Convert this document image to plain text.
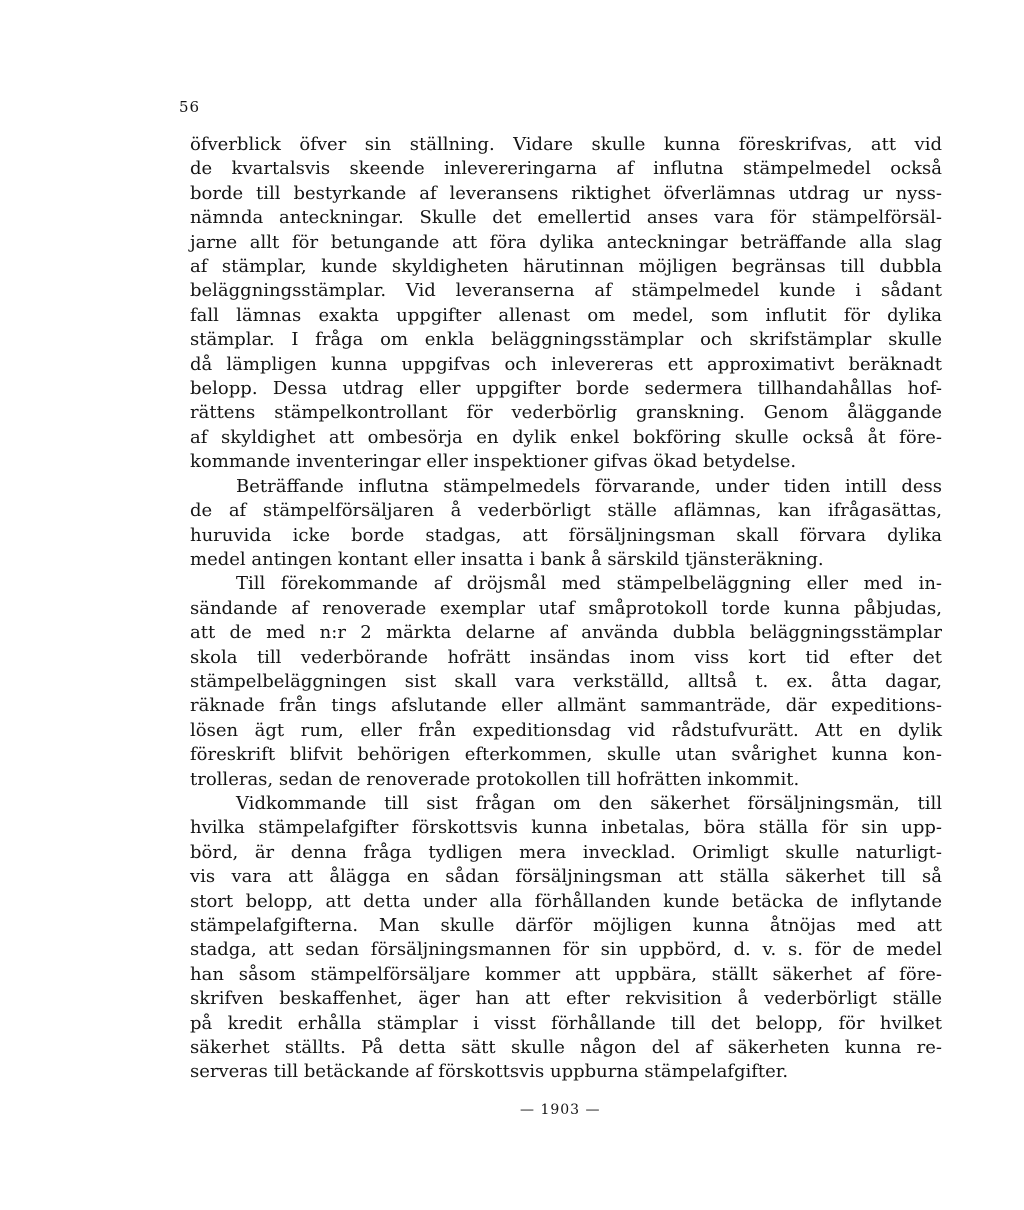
56
öfverblick öfver sin ställning. Vidare skulle kunna föreskrifvas, att vid
de kvartalsvis skeende inlevereringarna af influtna stämpelmedel också
borde till bestyrkande af leveransens riktighet öfverlämnas utdrag ur nyss-
nämnda anteckningar. Skulle det emellertid anses vara för stämpelförsäl-
jarne allt för betungande att föra dylika anteckningar beträffande alla slag
af stämplar, kunde skyldigheten härutinnan möjligen begränsas till dubbla
beläggningsstämplar. Vid leveranserna af stämpelmedel kunde i sådant
fall lämnas exakta uppgifter allenast om medel, som influtit för dylika
stämplar. I fråga om enkla beläggningsstämplar och skrifstämplar skulle
då lämpligen kunna uppgifvas och inlevereras ett approximativt beräknadt
belopp. Dessa utdrag eller uppgifter borde sedermera tillhandahållas hof-
rättens stämpelkontrollant för vederbörlig granskning. Genom åläggande
af skyldighet att ombesörja en dylik enkel bokföring skulle också åt före-
kommande inventeringar eller inspektioner gifvas ökad betydelse.
Beträffande influtna stämpelmedels förvarande, under tiden intill dess
de af stämpelförsäljaren å vederbörligt ställe aflämnas, kan ifrågasättas,
huruvida icke borde stadgas, att försäljningsman skall förvara dylika
medel antingen kontant eller insatta i bank å särskild tjänsteräkning.
Till förekommande af dröjsmål med stämpelbeläggning eller med in-
sändande af renoverade exemplar utaf småprotokoll torde kunna påbjudas,
att de med n:r 2 märkta delarne af använda dubbla beläggningsstämplar
skola till vederbörande hofrätt insändas inom viss kort tid efter det
stämpelbeläggningen sist skall vara verkställd, alltså t. ex. åtta dagar,
räknade från tings afslutande eller allmänt sammanträde, där expeditions-
lösen ägt rum, eller från expeditionsdag vid rådstufvurätt. Att en dylik
föreskrift blifvit behörigen efterkommen, skulle utan svårighet kunna kon-
trolleras, sedan de renoverade protokollen till hofrätten inkommit.
Vidkommande till sist frågan om den säkerhet försäljningsmän, till
hvilka stämpelafgifter förskottsvis kunna inbetalas, böra ställa för sin upp-
börd, är denna fråga tydligen mera invecklad. Orimligt skulle naturligt-
vis vara att ålägga en sådan försäljningsman att ställa säkerhet till så
stort belopp, att detta under alla förhållanden kunde betäcka de inflytande
stämpelafgifterna. Man skulle därför möjligen kunna åtnöjas med att
stadga, att sedan försäljningsmannen för sin uppbörd, d. v. s. för de medel
han såsom stämpelförsäljare kommer att uppbära, ställt säkerhet af före-
skrifven beskaffenhet, äger han att efter rekvisition å vederbörligt ställe
på kredit erhålla stämplar i visst förhållande till det belopp, för hvilket
säkerhet ställts. På detta sätt skulle någon del af säkerheten kunna re-
serveras till betäckande af förskottsvis uppburna stämpelafgifter.
— 1903 —
